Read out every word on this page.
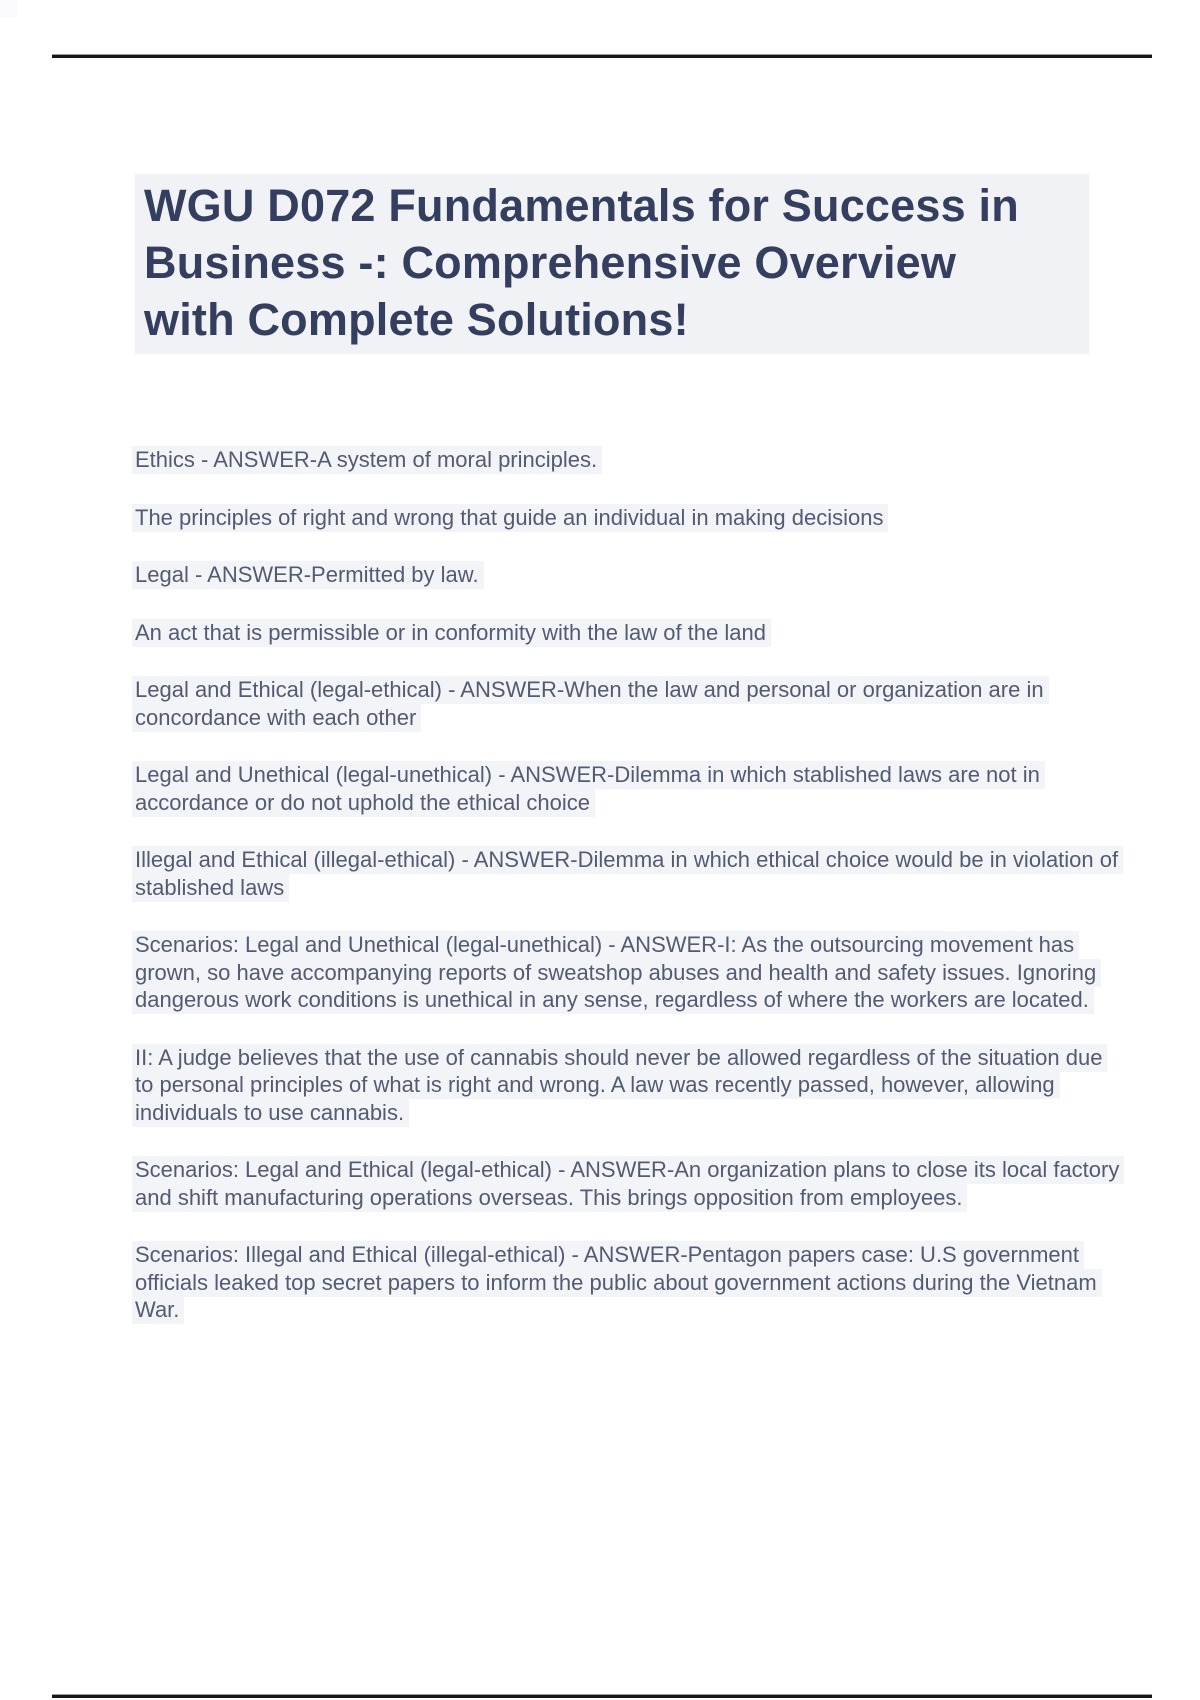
WGU D072 Fundamentals for Success in
Business -: Comprehensive Overview
with Complete Solutions!

Ethics - ANSWER-A system of moral principles.

The principles of right and wrong that guide an individual in making decisions

Legal - ANSWER-Permitted by law.

An act that is permissible or in conformity with the law of the land

Legal and Ethical (legal-ethical) - ANSWER-When the law and personal or organization are in concordance with each other

Legal and Unethical (legal-unethical) - ANSWER-Dilemma in which stablished laws are not in accordance or do not uphold the ethical choice

Illegal and Ethical (illegal-ethical) - ANSWER-Dilemma in which ethical choice would be in violation of stablished laws

Scenarios: Legal and Unethical (legal-unethical) - ANSWER-I: As the outsourcing movement has grown, so have accompanying reports of sweatshop abuses and health and safety issues. Ignoring dangerous work conditions is unethical in any sense, regardless of where the workers are located.

II: A judge believes that the use of cannabis should never be allowed regardless of the situation due to personal principles of what is right and wrong. A law was recently passed, however, allowing individuals to use cannabis.

Scenarios: Legal and Ethical (legal-ethical) - ANSWER-An organization plans to close its local factory and shift manufacturing operations overseas. This brings opposition from employees.

Scenarios: Illegal and Ethical (illegal-ethical) - ANSWER-Pentagon papers case: U.S government officials leaked top secret papers to inform the public about government actions during the Vietnam War.
